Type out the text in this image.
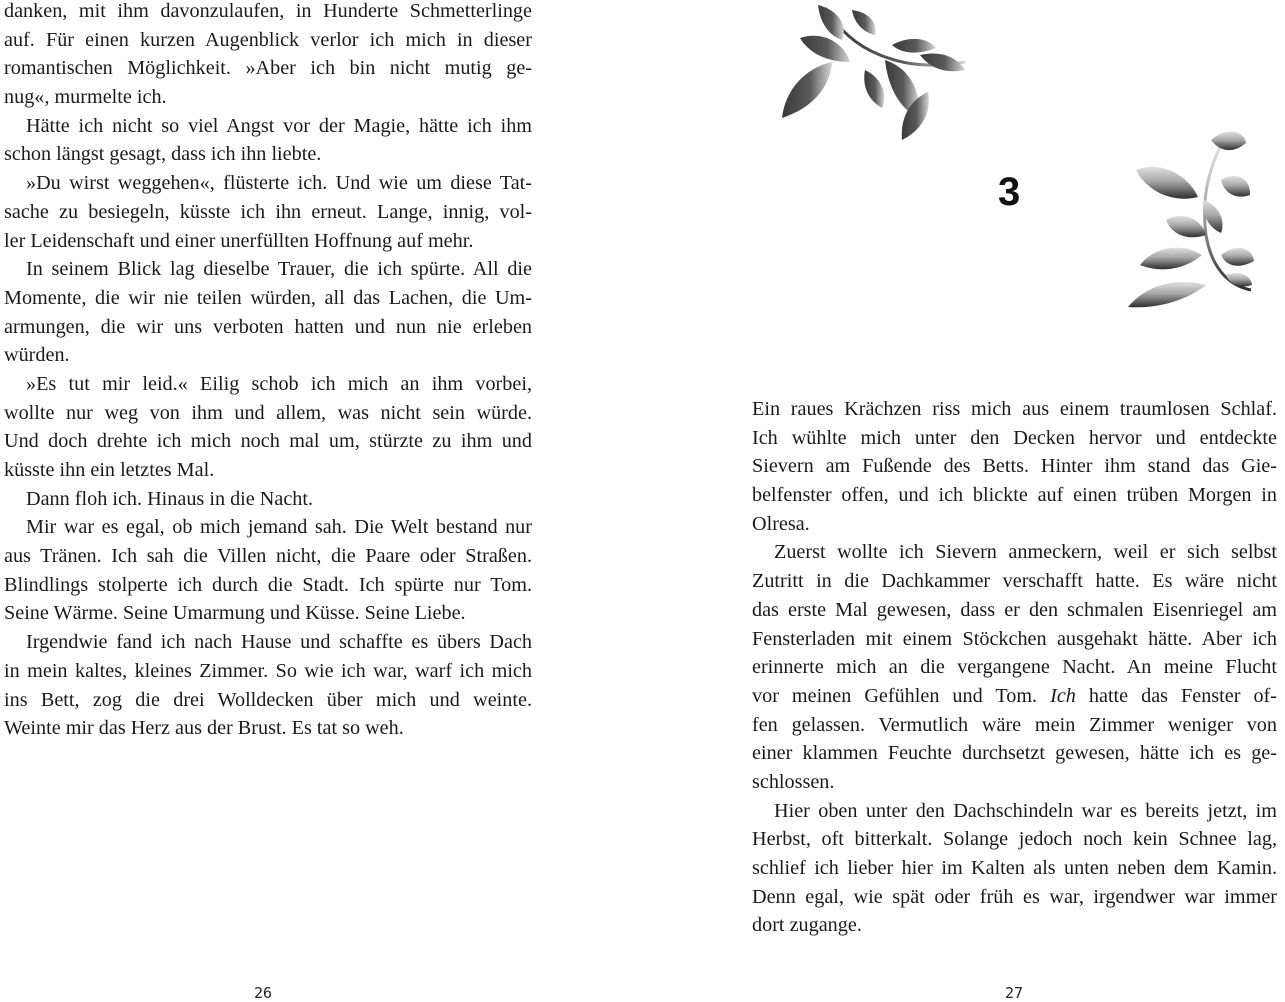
danken, mit ihm davonzulaufen, in Hunderte Schmetterlinge
auf. Für einen kurzen Augenblick verlor ich mich in dieser
romantischen Möglichkeit. »Aber ich bin nicht mutig ge-
nug«, murmelte ich.
Hätte ich nicht so viel Angst vor der Magie, hätte ich ihm
schon längst gesagt, dass ich ihn liebte.
»Du wirst weggehen«, flüsterte ich. Und wie um diese Tat-
sache zu besiegeln, küsste ich ihn erneut. Lange, innig, vol-
ler Leidenschaft und einer unerfüllten Hoffnung auf mehr.
In seinem Blick lag dieselbe Trauer, die ich spürte. All die
Momente, die wir nie teilen würden, all das Lachen, die Um-
armungen, die wir uns verboten hatten und nun nie erleben
würden.
»Es tut mir leid.« Eilig schob ich mich an ihm vorbei,
wollte nur weg von ihm und allem, was nicht sein würde.
Und doch drehte ich mich noch mal um, stürzte zu ihm und
küsste ihn ein letztes Mal.
Dann floh ich. Hinaus in die Nacht.
Mir war es egal, ob mich jemand sah. Die Welt bestand nur
aus Tränen. Ich sah die Villen nicht, die Paare oder Straßen.
Blindlings stolperte ich durch die Stadt. Ich spürte nur Tom.
Seine Wärme. Seine Umarmung und Küsse. Seine Liebe.
Irgendwie fand ich nach Hause und schaffte es übers Dach
in mein kaltes, kleines Zimmer. So wie ich war, warf ich mich
ins Bett, zog die drei Wolldecken über mich und weinte.
Weinte mir das Herz aus der Brust. Es tat so weh.
26
3
Ein raues Krächzen riss mich aus einem traumlosen Schlaf.
Ich wühlte mich unter den Decken hervor und entdeckte
Sievern am Fußende des Betts. Hinter ihm stand das Gie-
belfenster offen, und ich blickte auf einen trüben Morgen in
Olresa.
Zuerst wollte ich Sievern anmeckern, weil er sich selbst
Zutritt in die Dachkammer verschafft hatte. Es wäre nicht
das erste Mal gewesen, dass er den schmalen Eisenriegel am
Fensterladen mit einem Stöckchen ausgehakt hätte. Aber ich
erinnerte mich an die vergangene Nacht. An meine Flucht
vor meinen Gefühlen und Tom. Ich hatte das Fenster of-
fen gelassen. Vermutlich wäre mein Zimmer weniger von
einer klammen Feuchte durchsetzt gewesen, hätte ich es ge-
schlossen.
Hier oben unter den Dachschindeln war es bereits jetzt, im
Herbst, oft bitterkalt. Solange jedoch noch kein Schnee lag,
schlief ich lieber hier im Kalten als unten neben dem Kamin.
Denn egal, wie spät oder früh es war, irgendwer war immer
dort zugange.
27
